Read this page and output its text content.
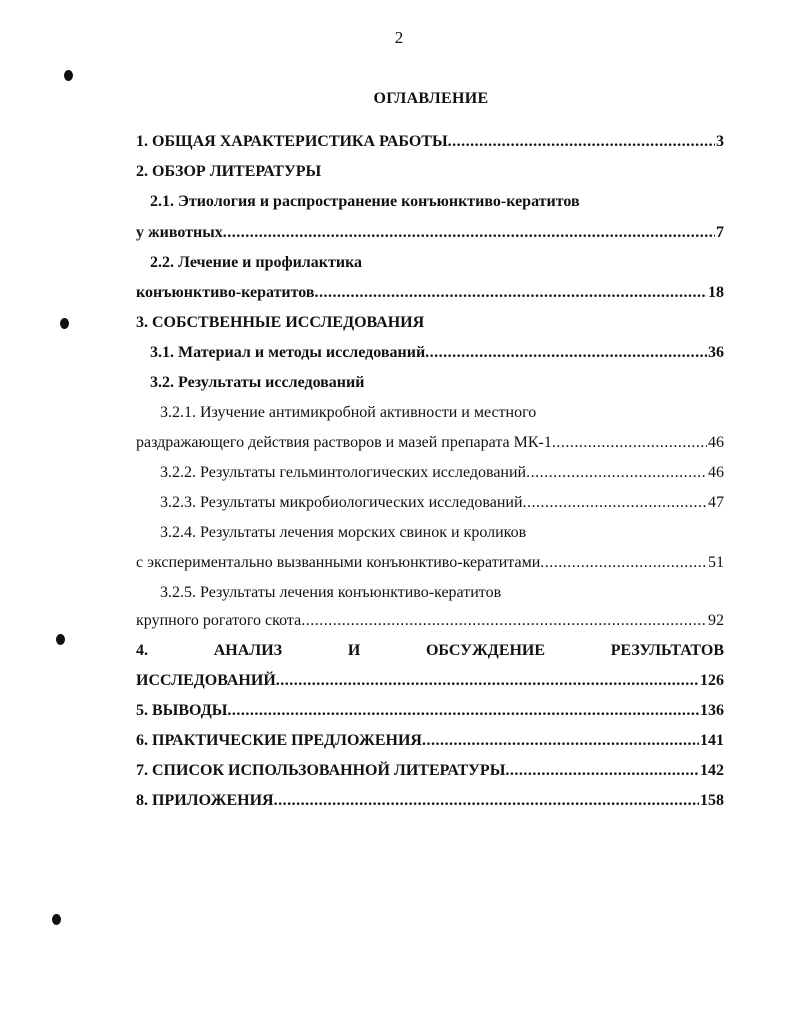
2
ОГЛАВЛЕНИЕ
1. ОБЩАЯ ХАРАКТЕРИСТИКА РАБОТЫ .....	3
2. ОБЗОР ЛИТЕРАТУРЫ
2.1. Этиология и распространение конъюнктиво-кератитов
у животных .....	7
2.2. Лечение и профилактика
конъюнктиво-кератитов .....	18
3. СОБСТВЕННЫЕ ИССЛЕДОВАНИЯ
3.1. Материал и методы исследований .....	36
3.2. Результаты исследований
3.2.1. Изучение антимикробной активности и местного
раздражающего действия растворов и мазей препарата МК-1 .....	46
3.2.2. Результаты гельминтологических исследований .....	46
3.2.3. Результаты микробиологических исследований .....	47
3.2.4. Результаты лечения морских свинок и кроликов
с экспериментально вызванными конъюнктиво-кератитами .....	51
3.2.5. Результаты лечения конъюнктиво-кератитов
крупного рогатого скота .....	92
4.	АНАЛИЗ	И	ОБСУЖДЕНИЕ	РЕЗУЛЬТАТОВ
ИССЛЕДОВАНИЙ .....	126
5. ВЫВОДЫ .....	136
6. ПРАКТИЧЕСКИЕ ПРЕДЛОЖЕНИЯ .....	141
7. СПИСОК ИСПОЛЬЗОВАННОЙ ЛИТЕРАТУРЫ .....	142
8. ПРИЛОЖЕНИЯ .....	158
